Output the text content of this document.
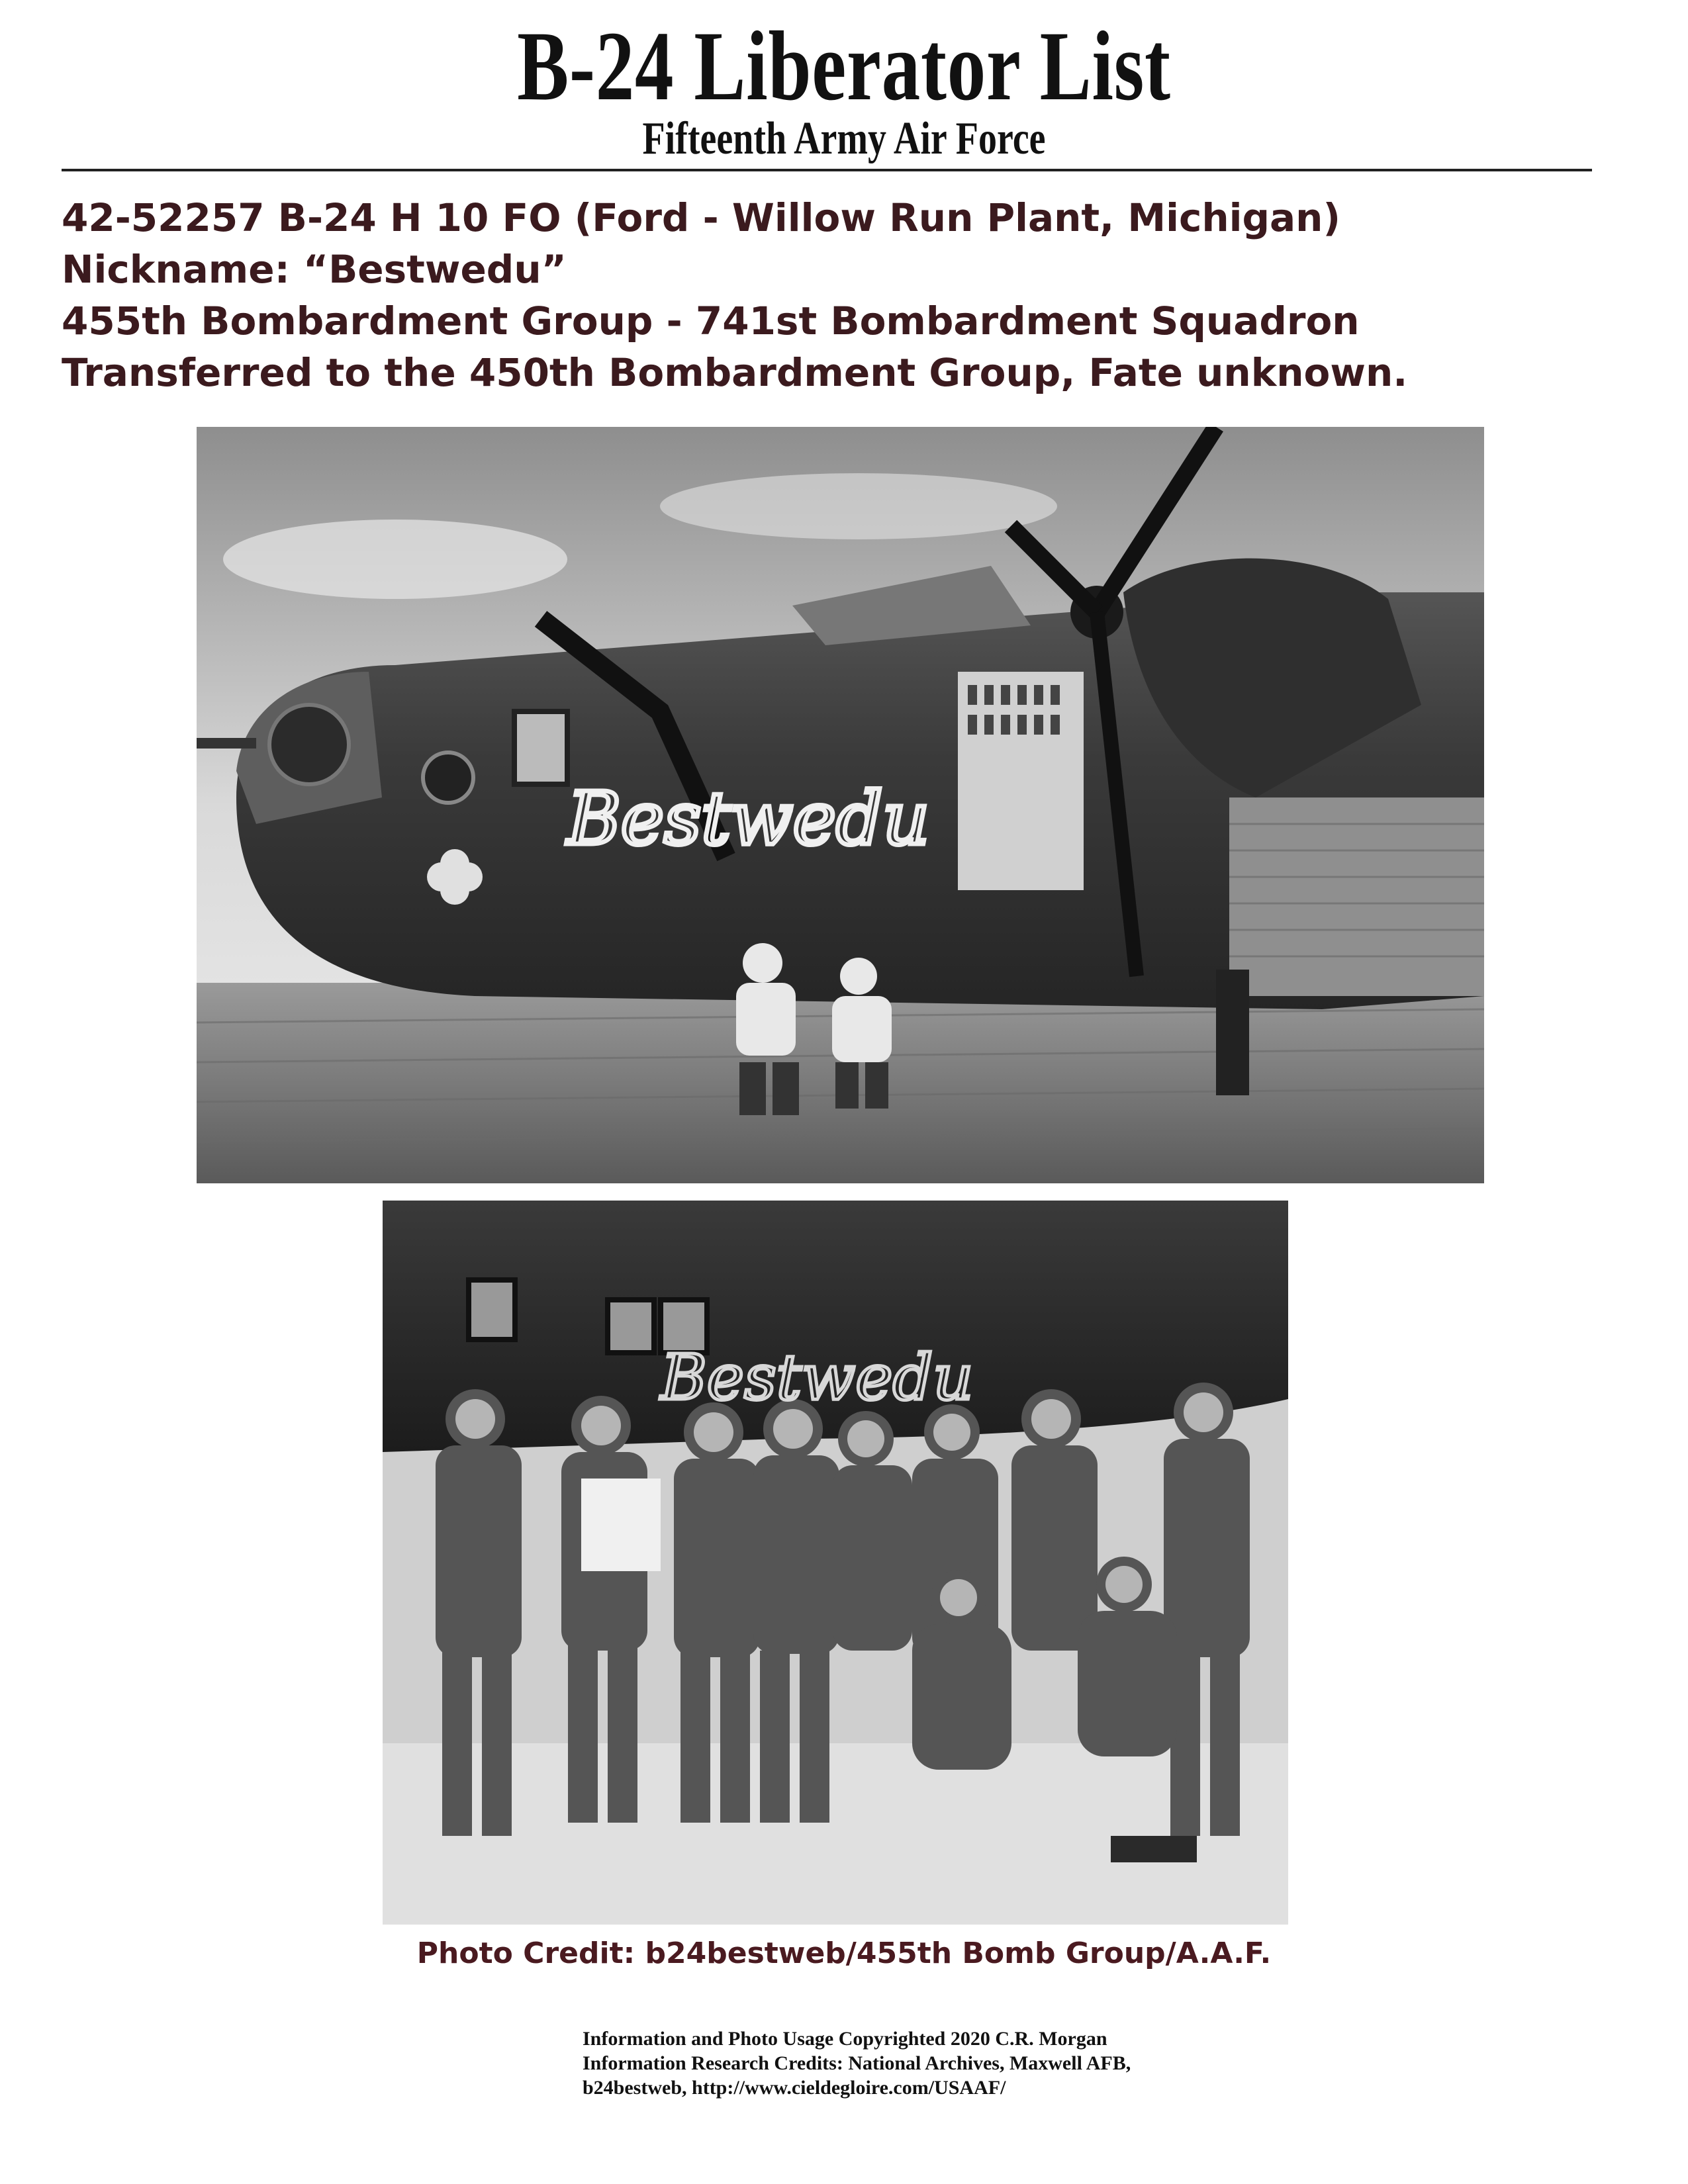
B-24 Liberator List
Fifteenth Army Air Force
42-52257 B-24 H 10 FO (Ford - Willow Run Plant, Michigan)
Nickname: “Bestwedu”
455th Bombardment Group - 741st Bombardment Squadron
Transferred to the 450th Bombardment Group, Fate unknown.
Bestwedu
Bestwedu
Photo Credit: b24bestweb/455th Bomb Group/A.A.F.
Information and Photo Usage Copyrighted 2020 C.R. Morgan
Information Research Credits: National Archives, Maxwell AFB,
b24bestweb, http://www.cieldegloire.com/USAAF/
